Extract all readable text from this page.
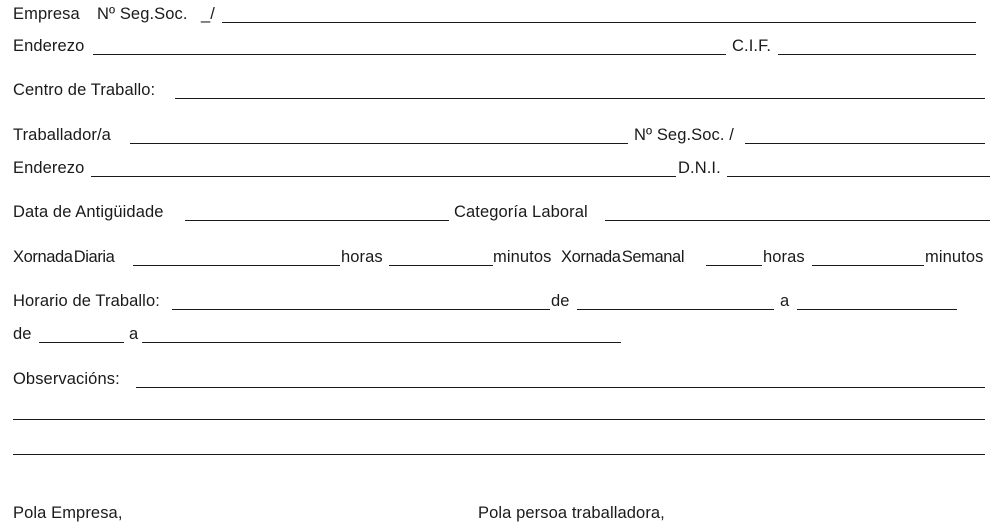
Empresa Nº Seg.Soc. _/
Enderezo	C.I.F.
Centro de Traballo:
Traballador/a	Nº Seg.Soc. /
Enderezo	D.N.I.
Data de Antigüidade	Categoría Laboral
Xornada Diaria	horas	minutos Xornada Semanal	horas	minutos
Horario de Traballo:	de	a
de	a
Observacións:
Pola Empresa,	Pola persoa traballadora,
